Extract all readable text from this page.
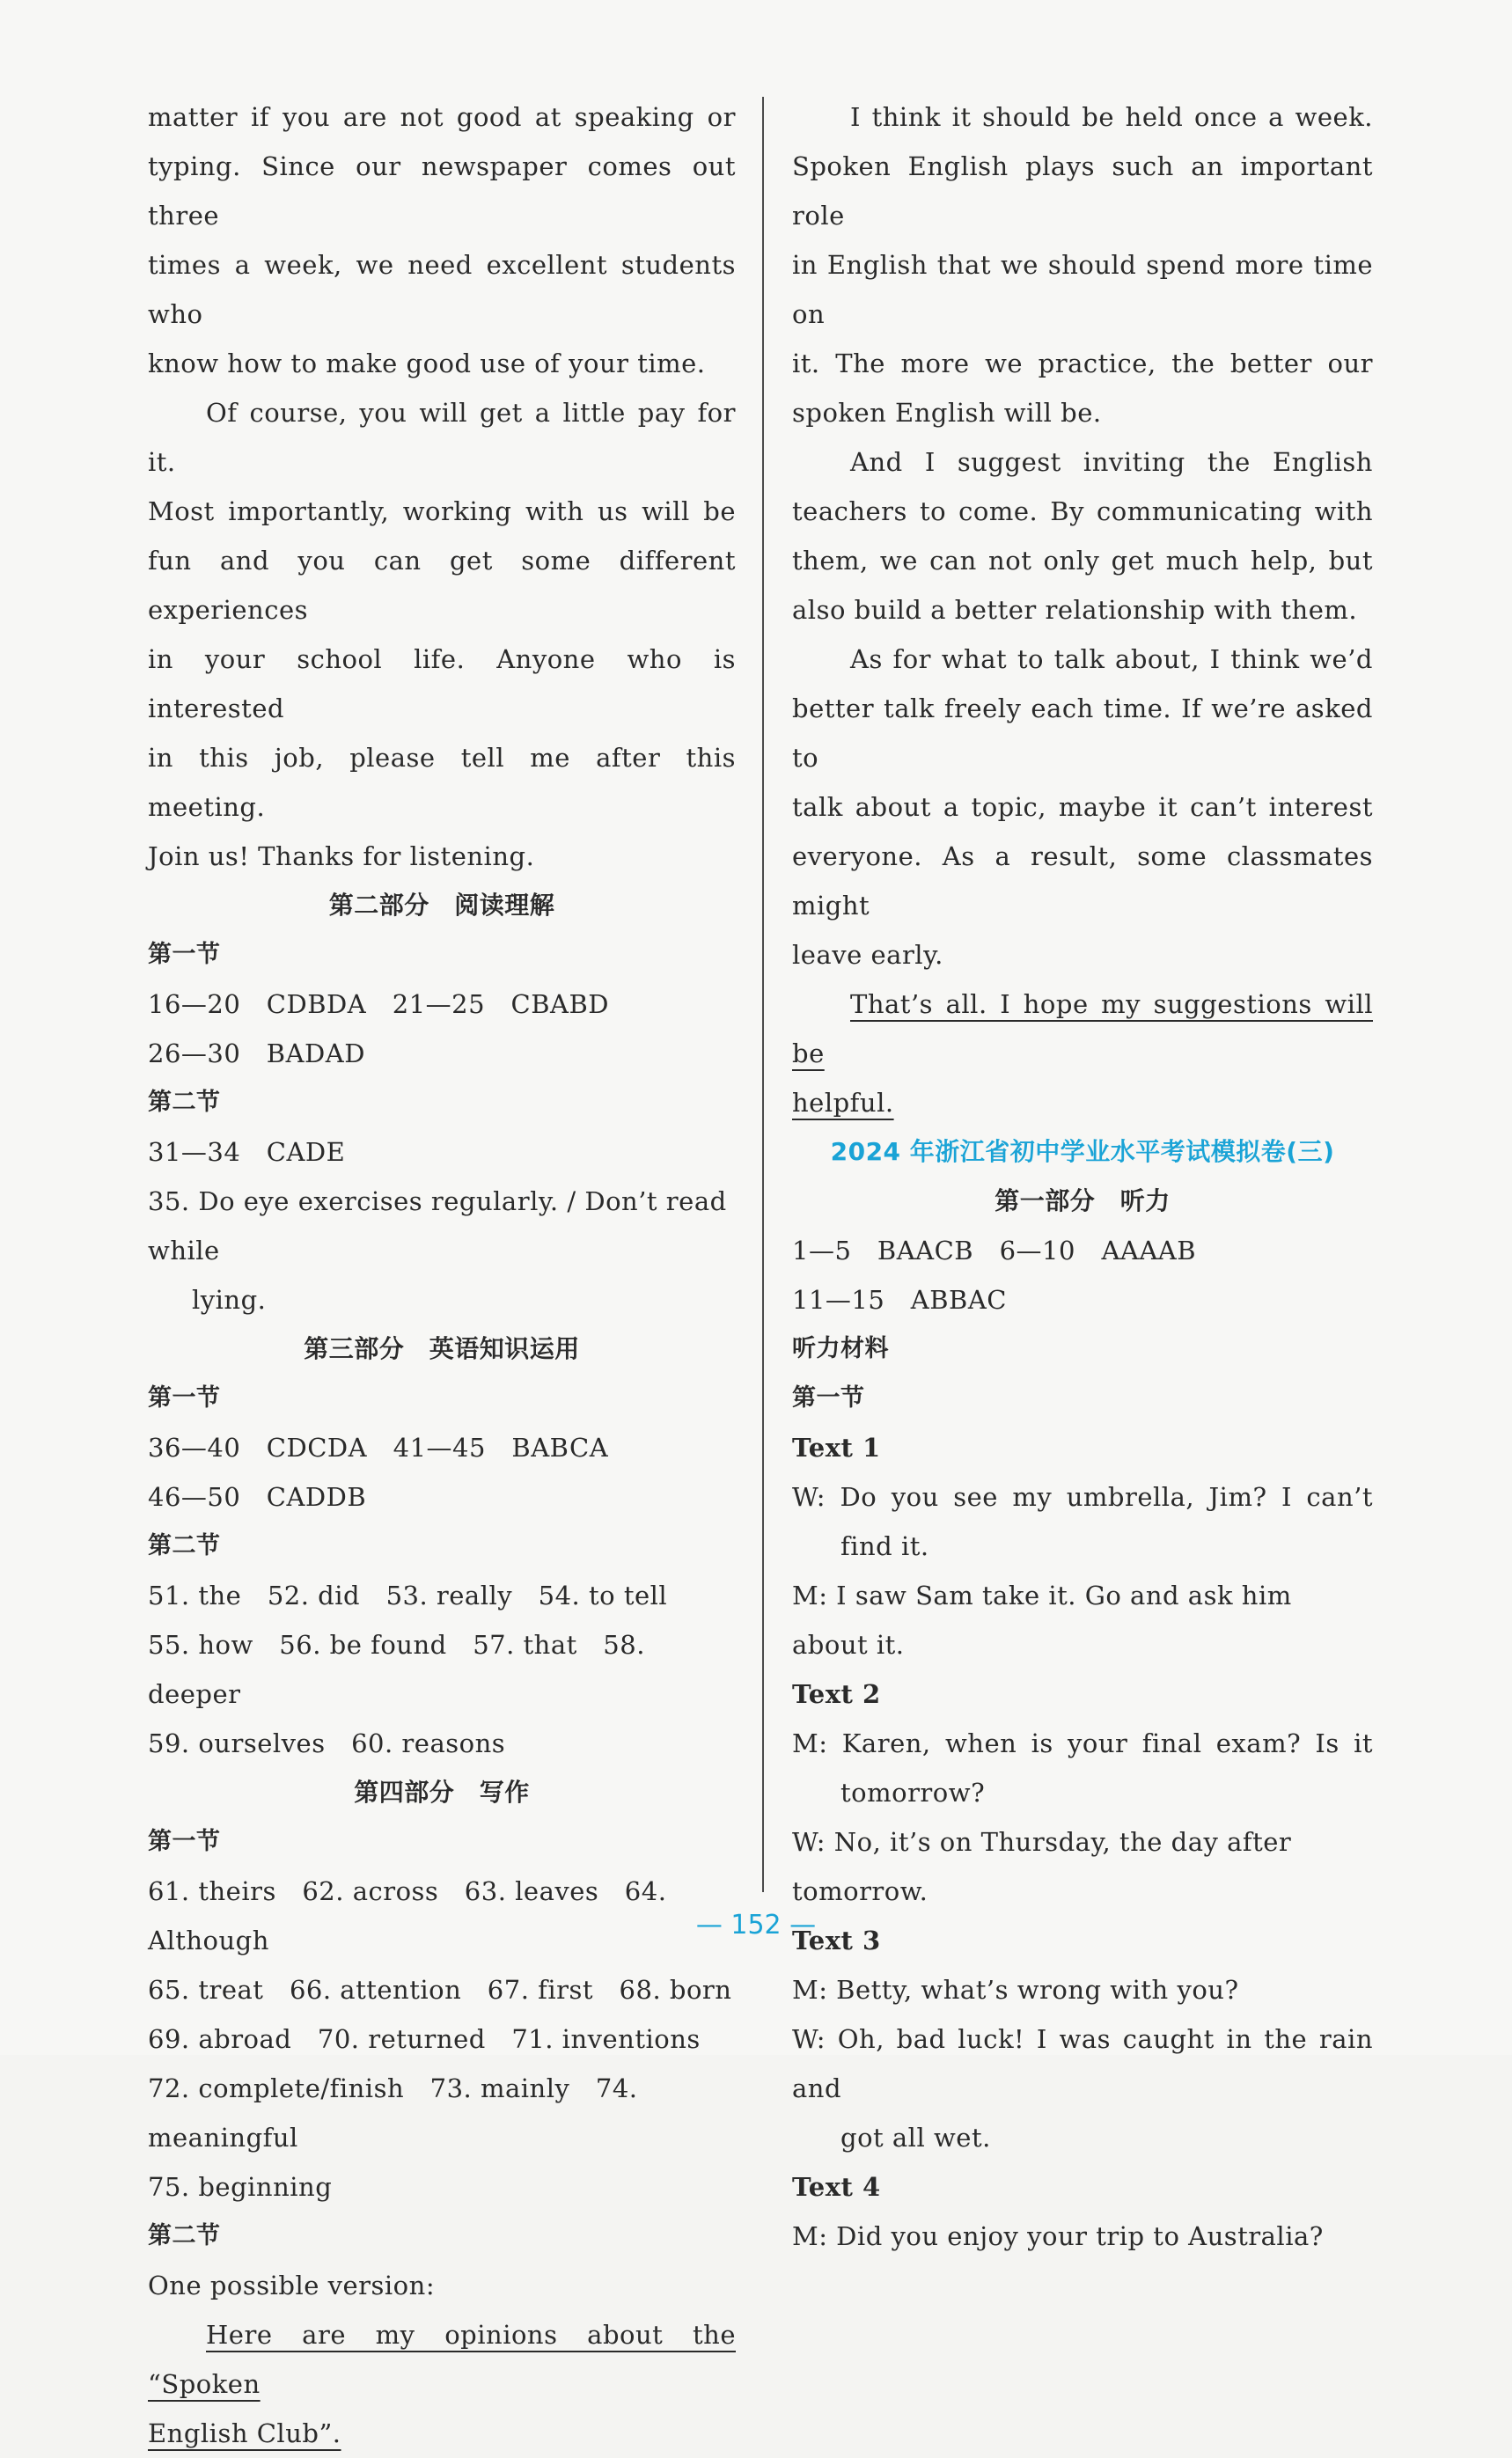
matter if you are not good at speaking or
typing. Since our newspaper comes out three
times a week, we need excellent students who
know how to make good use of your time.
Of course, you will get a little pay for it.
Most importantly, working with us will be
fun and you can get some different experiences
in your school life. Anyone who is interested
in this job, please tell me after this meeting.
Join us! Thanks for listening.
第二部分　阅读理解
第一节
16—20　CDBDA　21—25　CBABD
26—30　BADAD
第二节
31—34　CADE
35. Do eye exercises regularly. / Don’t read while
lying.
第三部分　英语知识运用
第一节
36—40　CDCDA　41—45　BABCA
46—50　CADDB
第二节
51. the　52. did　53. really　54. to tell
55. how　56. be found　57. that　58. deeper
59. ourselves　60. reasons
第四部分　写作
第一节
61. theirs　62. across　63. leaves　64. Although
65. treat　66. attention　67. first　68. born
69. abroad　70. returned　71. inventions
72. complete/finish　73. mainly　74. meaningful
75. beginning
第二节
One possible version:
Here are my opinions about the “Spoken
English Club”.
I think it should be held once a week.
Spoken English plays such an important role
in English that we should spend more time on
it. The more we practice, the better our
spoken English will be.
And I suggest inviting the English
teachers to come. By communicating with
them, we can not only get much help, but
also build a better relationship with them.
As for what to talk about, I think we’d
better talk freely each time. If we’re asked to
talk about a topic, maybe it can’t interest
everyone. As a result, some classmates might
leave early.
That’s all. I hope my suggestions will be
helpful.
2024 年浙江省初中学业水平考试模拟卷(三)
第一部分　听力
1—5　BAACB　6—10　AAAAB
11—15　ABBAC
听力材料
第一节
Text 1
W: Do you see my umbrella, Jim? I can’t
find it.
M: I saw Sam take it. Go and ask him about it.
Text 2
M: Karen, when is your final exam? Is it
tomorrow?
W: No, it’s on Thursday, the day after tomorrow.
Text 3
M: Betty, what’s wrong with you?
W: Oh, bad luck! I was caught in the rain and
got all wet.
Text 4
M: Did you enjoy your trip to Australia?
— 152 —
